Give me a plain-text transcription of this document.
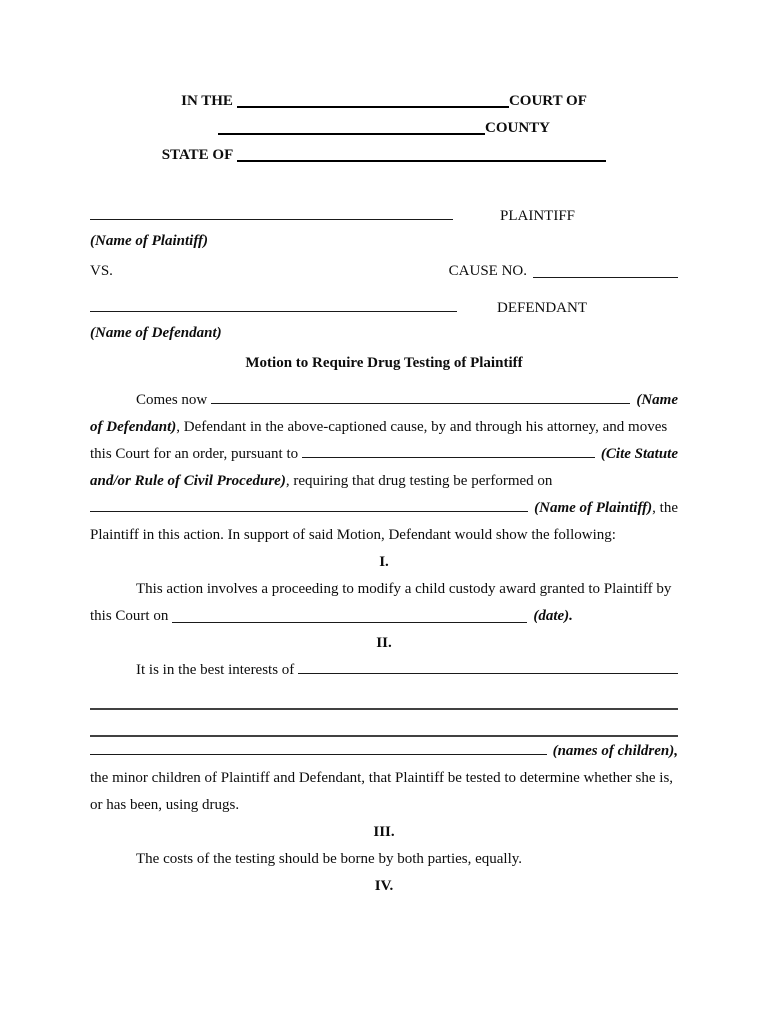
IN THE	COURT OF
COUNTY
STATE OF
PLAINTIFF
(Name of Plaintiff)
VS.	CAUSE NO.
DEFENDANT
(Name of Defendant)
Motion to Require Drug Testing of Plaintiff
Comes now	(Name
of Defendant), Defendant in the above-captioned cause, by and through his attorney, and moves
this Court for an order, pursuant to	(Cite Statute
and/or Rule of Civil Procedure), requiring that drug testing be performed on
(Name of Plaintiff) , the
Plaintiff in this action. In support of said Motion, Defendant would show the following:
I.
This action involves a proceeding to modify a child custody award granted to Plaintiff by
this Court on	(date).
II.
It is in the best interests of
(names of children),
the minor children of Plaintiff and Defendant, that Plaintiff be tested to determine whether she is,
or has been, using drugs.
III.
The costs of the testing should be borne by both parties, equally.
IV.
